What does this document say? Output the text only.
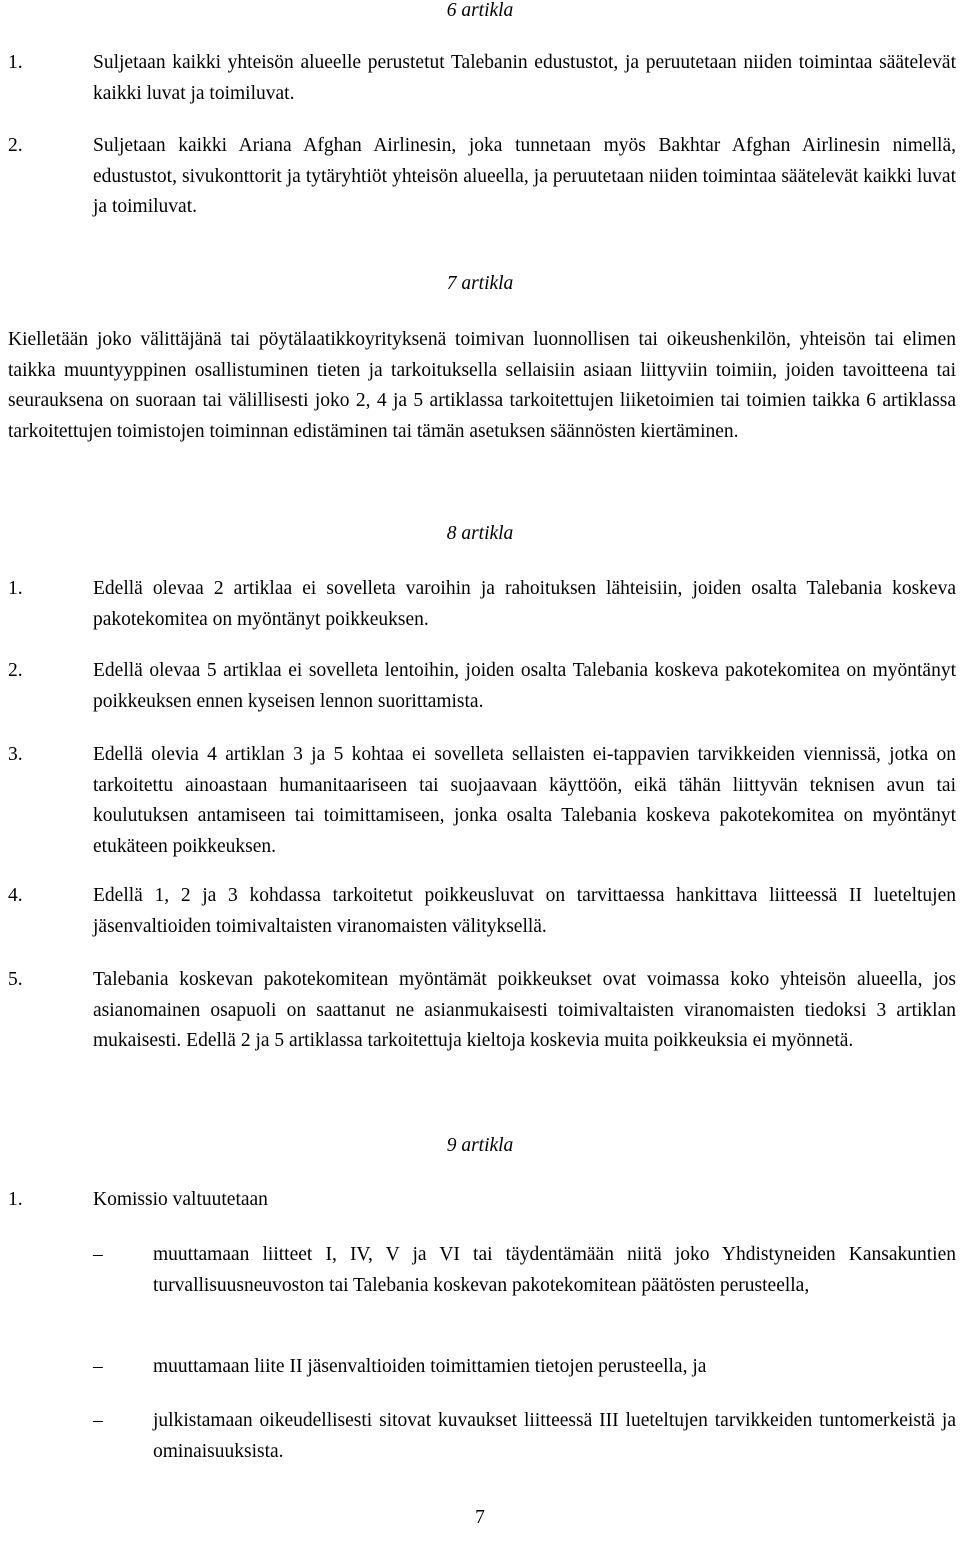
6 artikla
1.	Suljetaan kaikki yhteisön alueelle perustetut Talebanin edustustot, ja peruutetaan niiden toimintaa säätelevät kaikki luvat ja toimiluvat.
2.	Suljetaan kaikki Ariana Afghan Airlinesin, joka tunnetaan myös Bakhtar Afghan Airlinesin nimellä, edustustot, sivukonttorit ja tytäryhtiöt yhteisön alueella, ja peruutetaan niiden toimintaa säätelevät kaikki luvat ja toimiluvat.
7 artikla
Kielletään joko välittäjänä tai pöytälaatikkoyrityksenä toimivan luonnollisen tai oikeushenkilön, yhteisön tai elimen taikka muuntyyppinen osallistuminen tieten ja tarkoituksella sellaisiin asiaan liittyviin toimiin, joiden tavoitteena tai seurauksena on suoraan tai välillisesti joko 2, 4 ja 5 artiklassa tarkoitettujen liiketoimien tai toimien taikka 6 artiklassa tarkoitettujen toimistojen toiminnan edistäminen tai tämän asetuksen säännösten kiertäminen.
8 artikla
1.	Edellä olevaa 2 artiklaa ei sovelleta varoihin ja rahoituksen lähteisiin, joiden osalta Talebania koskeva pakotekomitea on myöntänyt poikkeuksen.
2.	Edellä olevaa 5 artiklaa ei sovelleta lentoihin, joiden osalta Talebania koskeva pakotekomitea on myöntänyt poikkeuksen ennen kyseisen lennon suorittamista.
3.	Edellä olevia 4 artiklan 3 ja 5 kohtaa ei sovelleta sellaisten ei-tappavien tarvikkeiden viennissä, jotka on tarkoitettu ainoastaan humanitaariseen tai suojaavaan käyttöön, eikä tähän liittyvän teknisen avun tai koulutuksen antamiseen tai toimittamiseen, jonka osalta Talebania koskeva pakotekomitea on myöntänyt etukäteen poikkeuksen.
4.	Edellä 1, 2 ja 3 kohdassa tarkoitetut poikkeusluvat on tarvittaessa hankittava liitteessä II lueteltujen jäsenvaltioiden toimivaltaisten viranomaisten välityksellä.
5.	Talebania koskevan pakotekomitean myöntämät poikkeukset ovat voimassa koko yhteisön alueella, jos asianomainen osapuoli on saattanut ne asianmukaisesti toimivaltaisten viranomaisten tiedoksi 3 artiklan mukaisesti. Edellä 2 ja 5 artiklassa tarkoitettuja kieltoja koskevia muita poikkeuksia ei myönnetä.
9 artikla
1.	Komissio valtuutetaan
–	muuttamaan liitteet I, IV, V ja VI tai täydentämään niitä joko Yhdistyneiden Kansakuntien turvallisuusneuvoston tai Talebania koskevan pakotekomitean päätösten perusteella,
–	muuttamaan liite II jäsenvaltioiden toimittamien tietojen perusteella, ja
–	julkistamaan oikeudellisesti sitovat kuvaukset liitteessä III lueteltujen tarvikkeiden tuntomerkeistä ja ominaisuuksista.
7
